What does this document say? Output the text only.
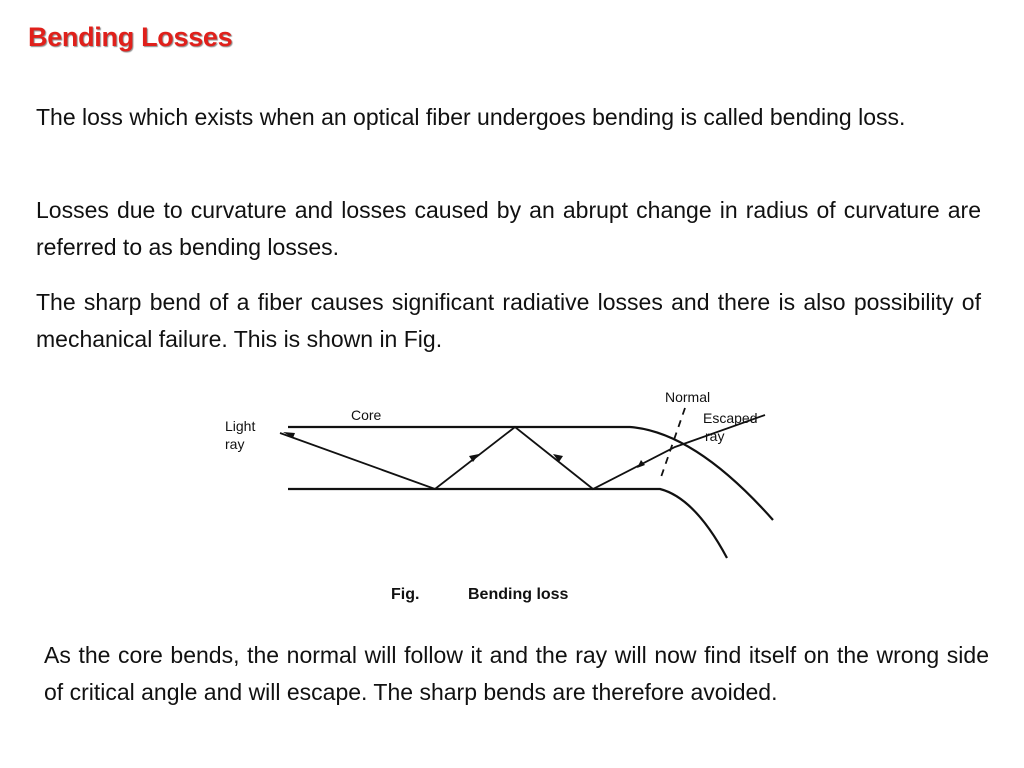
Bending Losses

The loss which exists when an optical fiber undergoes bending is called bending loss.

Losses due to curvature and losses caused by an abrupt change in radius of curvature are referred to as bending losses.

The sharp bend of a fiber causes significant radiative losses and there is also possibility of mechanical failure. This is shown in Fig.

Light
ray
Core
Normal
Escaped
ray
Fig.	Bending loss

As the core bends, the normal will follow it and the ray will now find itself on the wrong side of critical angle and will escape. The sharp bends are therefore avoided.
